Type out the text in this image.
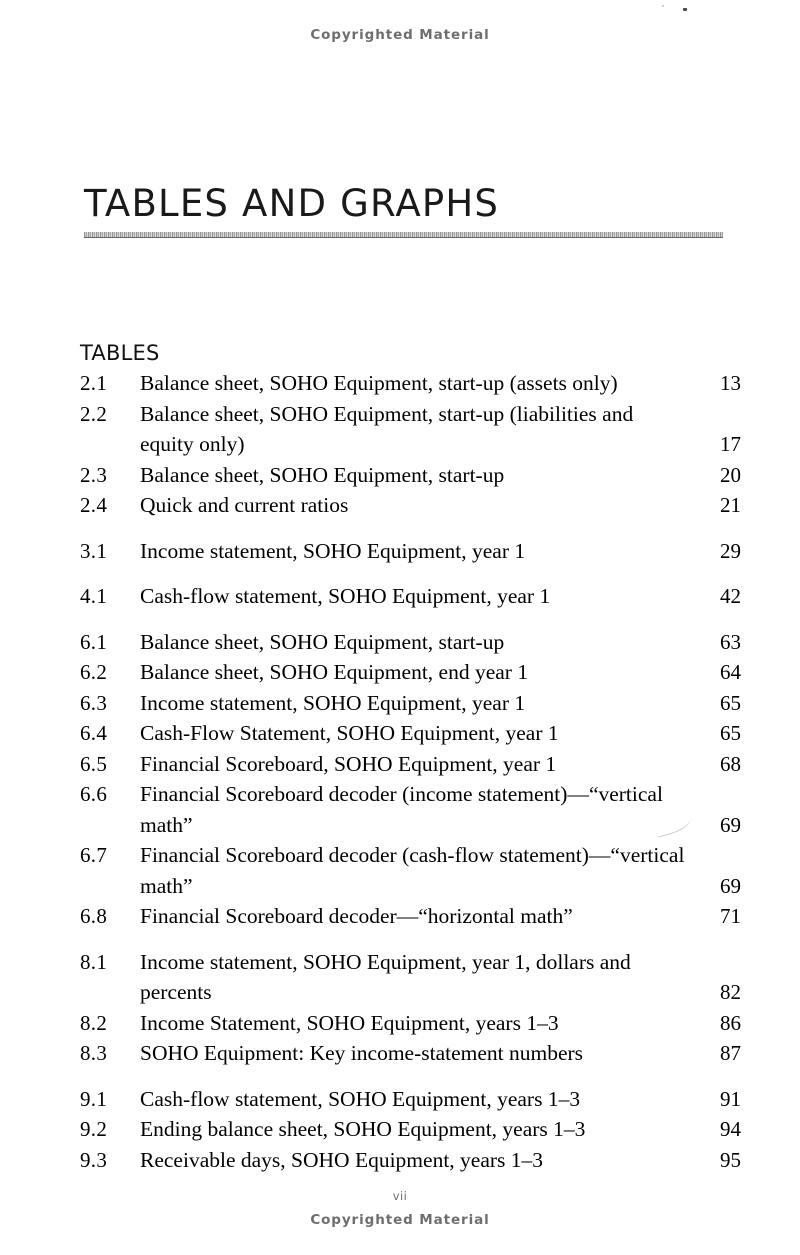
Copyrighted Material
TABLES AND GRAPHS
TABLES
2.1	Balance sheet, SOHO Equipment, start-up (assets only)	13
2.2	Balance sheet, SOHO Equipment, start-up (liabilities and equity only)	17
2.3	Balance sheet, SOHO Equipment, start-up	20
2.4	Quick and current ratios	21
3.1	Income statement, SOHO Equipment, year 1	29
4.1	Cash-flow statement, SOHO Equipment, year 1	42
6.1	Balance sheet, SOHO Equipment, start-up	63
6.2	Balance sheet, SOHO Equipment, end year 1	64
6.3	Income statement, SOHO Equipment, year 1	65
6.4	Cash-Flow Statement, SOHO Equipment, year 1	65
6.5	Financial Scoreboard, SOHO Equipment, year 1	68
6.6	Financial Scoreboard decoder (income statement)—“vertical math”	69
6.7	Financial Scoreboard decoder (cash-flow statement)—“vertical math”	69
6.8	Financial Scoreboard decoder—“horizontal math”	71
8.1	Income statement, SOHO Equipment, year 1, dollars and percents	82
8.2	Income Statement, SOHO Equipment, years 1–3	86
8.3	SOHO Equipment: Key income-statement numbers	87
9.1	Cash-flow statement, SOHO Equipment, years 1–3	91
9.2	Ending balance sheet, SOHO Equipment, years 1–3	94
9.3	Receivable days, SOHO Equipment, years 1–3	95
vii
Copyrighted Material
